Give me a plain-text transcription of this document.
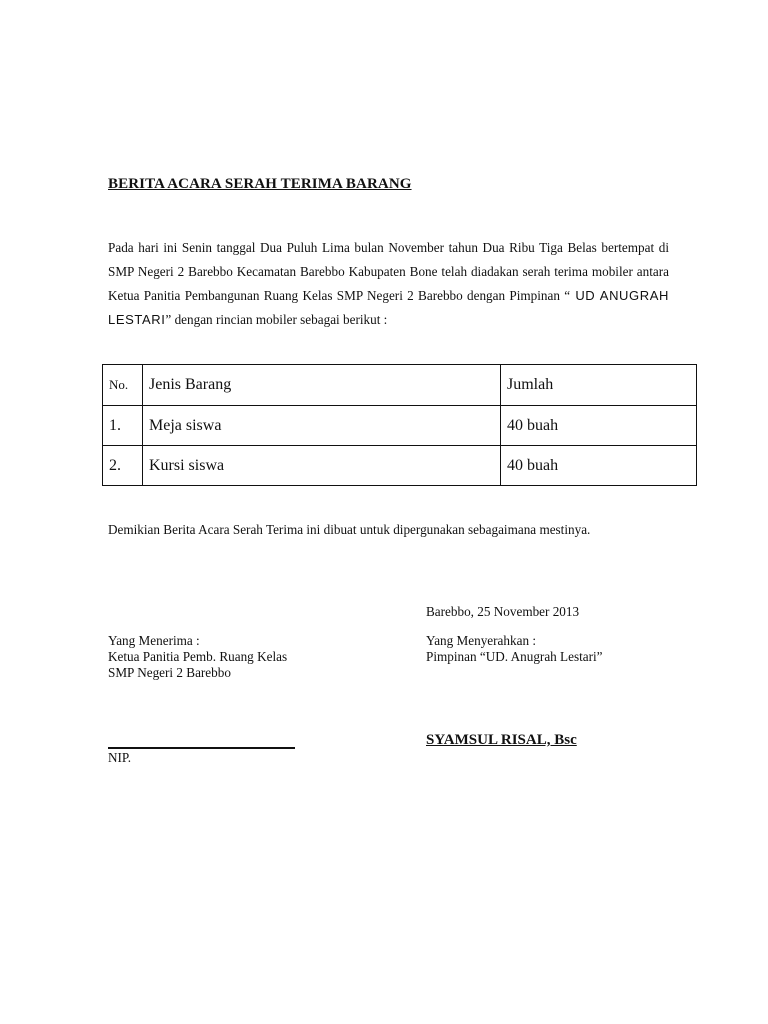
BERITA ACARA SERAH TERIMA BARANG

Pada hari ini Senin tanggal Dua Puluh Lima bulan November tahun Dua Ribu Tiga Belas bertempat di SMP Negeri 2 Barebbo Kecamatan Barebbo Kabupaten Bone telah diadakan serah terima mobiler antara Ketua Panitia Pembangunan Ruang Kelas SMP Negeri 2 Barebbo dengan Pimpinan “ UD ANUGRAH LESTARI” dengan rincian mobiler sebagai berikut :

No.	Jenis Barang	Jumlah
1.	Meja siswa	40 buah
2.	Kursi siswa	40 buah

Demikian Berita Acara Serah Terima ini dibuat untuk dipergunakan sebagaimana mestinya.

Barebbo, 25 November 2013

Yang Menerima :
Ketua Panitia Pemb. Ruang Kelas
SMP Negeri 2 Barebbo
Yang Menyerahkan :
Pimpinan “UD. Anugrah Lestari”

NIP.

SYAMSUL RISAL, Bsc
